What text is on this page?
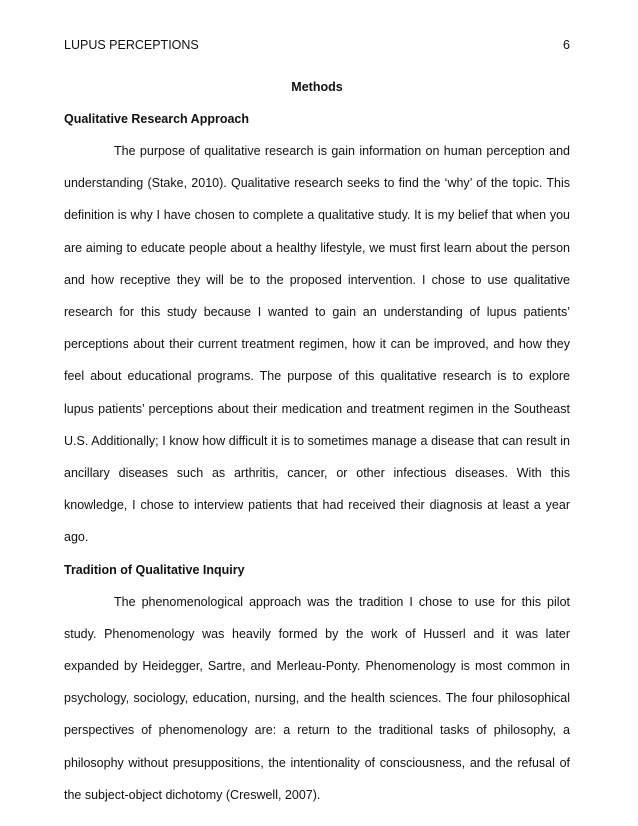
LUPUS PERCEPTIONS	6

Methods

Qualitative Research Approach

The purpose of qualitative research is gain information on human perception and understanding (Stake, 2010). Qualitative research seeks to find the ‘why’ of the topic. This definition is why I have chosen to complete a qualitative study. It is my belief that when you are aiming to educate people about a healthy lifestyle, we must first learn about the person and how receptive they will be to the proposed intervention. I chose to use qualitative research for this study because I wanted to gain an understanding of lupus patients’ perceptions about their current treatment regimen, how it can be improved, and how they feel about educational programs. The purpose of this qualitative research is to explore lupus patients’ perceptions about their medication and treatment regimen in the Southeast U.S. Additionally; I know how difficult it is to sometimes manage a disease that can result in ancillary diseases such as arthritis, cancer, or other infectious diseases. With this knowledge, I chose to interview patients that had received their diagnosis at least a year ago.

Tradition of Qualitative Inquiry

The phenomenological approach was the tradition I chose to use for this pilot study. Phenomenology was heavily formed by the work of Husserl and it was later expanded by Heidegger, Sartre, and Merleau-Ponty. Phenomenology is most common in psychology, sociology, education, nursing, and the health sciences. The four philosophical perspectives of phenomenology are: a return to the traditional tasks of philosophy, a philosophy without presuppositions, the intentionality of consciousness, and the refusal of the subject-object dichotomy (Creswell, 2007).
